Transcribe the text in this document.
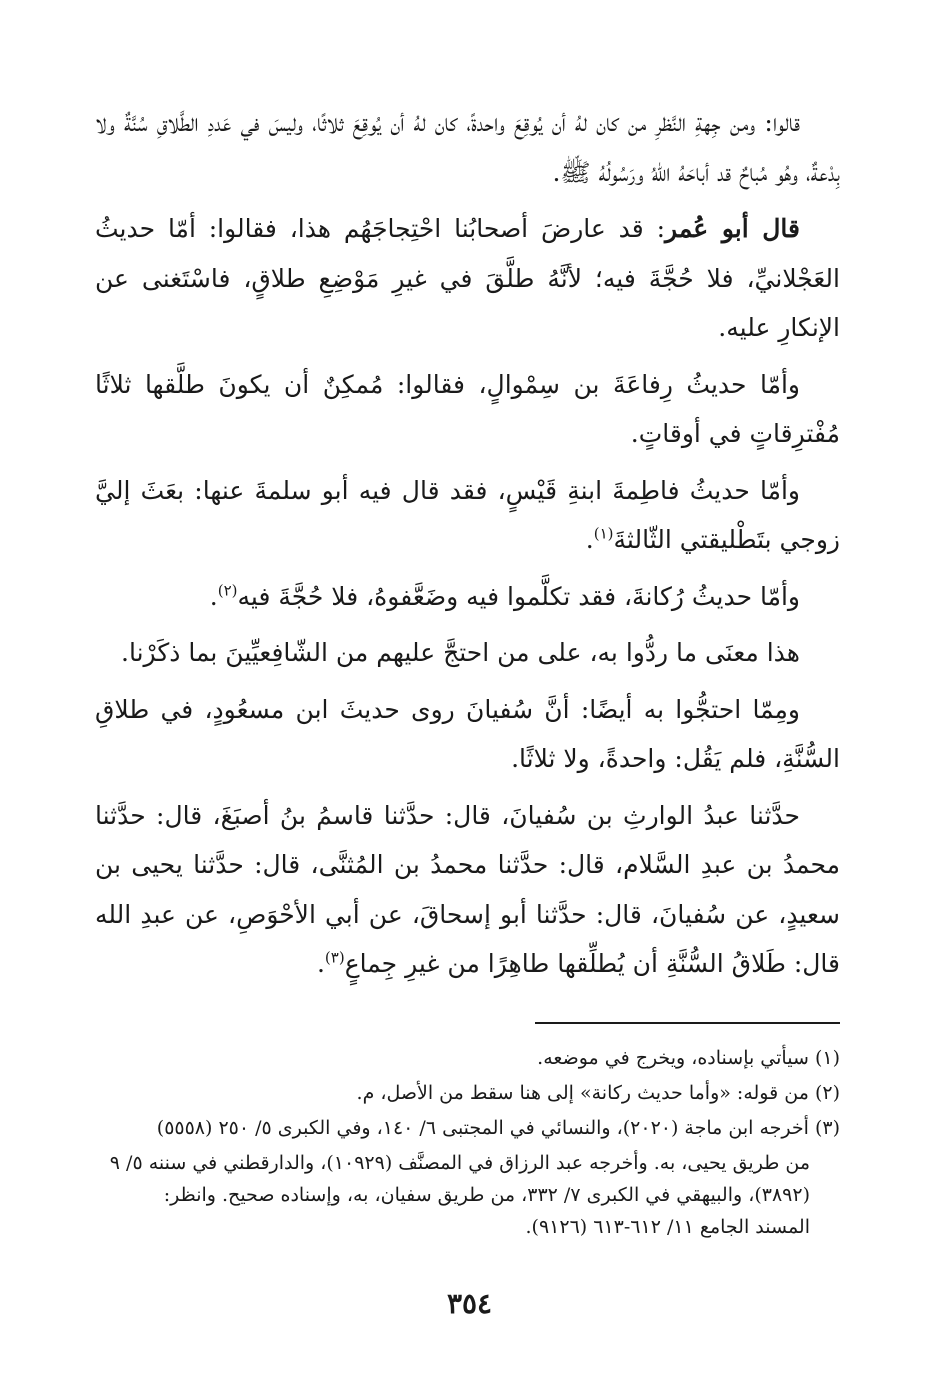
قالوا: ومن جِهةِ النَّظرِ من كان لهُ أن يُوقِعَ واحدةً، كان لهُ أن يُوقِعَ ثلاثًا، وليسَ في عَددِ الطَّلاقِ سُنَّةٌ ولا بِدْعةٌ، وهُو مُباحٌ قد أباحَهُ اللهُ ورَسُولُهُ ﷺ.

قال أبو عُمر: قد عارضَ أصحابُنا احْتِجاجَهُم هذا، فقالوا: أمّا حديثُ العَجْلانيِّ، فلا حُجَّةَ فيه؛ لأنَّهُ طلَّقَ في غيرِ مَوْضِعِ طلاقٍ، فاسْتَغنى عن الإنكارِ عليه.

وأمّا حديثُ رِفاعَةَ بن سِمْوالٍ، فقالوا: مُمكِنٌ أن يكونَ طلَّقها ثلاثًا مُفْترِقاتٍ في أوقاتٍ.

وأمّا حديثُ فاطِمةَ ابنةِ قَيْسٍ، فقد قال فيه أبو سلمةَ عنها: بعَثَ إليَّ زوجي بتَطْليقتي الثّالثةَ$^{(١)}$.

وأمّا حديثُ رُكانةَ، فقد تكلَّموا فيه وضَعَّفوهُ، فلا حُجَّةَ فيه$^{(٢)}$.

هذا معنَى ما ردُّوا به، على من احتجَّ عليهم من الشّافِعيِّينَ بما ذكَرْنا.

ومِمّا احتجُّوا به أيضًا: أنَّ سُفيانَ روى حديثَ ابن مسعُودٍ، في طلاقِ السُّنَّةِ، فلم يَقُل: واحدةً، ولا ثلاثًا.

حدَّثنا عبدُ الوارثِ بن سُفيانَ، قال: حدَّثنا قاسمُ بنُ أصبَغَ، قال: حدَّثنا محمدُ بن عبدِ السَّلام، قال: حدَّثنا محمدُ بن المُثنَّى، قال: حدَّثنا يحيى بن سعيدٍ، عن سُفيانَ، قال: حدَّثنا أبو إسحاقَ، عن أبي الأحْوَصِ، عن عبدِ الله قال: طَلاقُ السُّنَّةِ أن يُطلِّقها طاهِرًا من غيرِ جِماعٍ$^{(٣)}$.

(١) سيأتي بإسناده، ويخرج في موضعه.

(٢) من قوله: «وأما حديث ركانة» إلى هنا سقط من الأصل، م.

(٣) أخرجه ابن ماجة (٢٠٢٠)، والنسائي في المجتبى ٦/ ١٤٠، وفي الكبرى ٥/ ٢٥٠ (٥٥٥٨)

من طريق يحيى، به. وأخرجه عبد الرزاق في المصنَّف (١٠٩٢٩)، والدارقطني في سننه ٥/ ٩

(٣٨٩٢)، والبيهقي في الكبرى ٧/ ٣٣٢، من طريق سفيان، به، وإسناده صحيح. وانظر:

المسند الجامع ١١/ ٦١٢-٦١٣ (٩١٢٦).

٣٥٤
